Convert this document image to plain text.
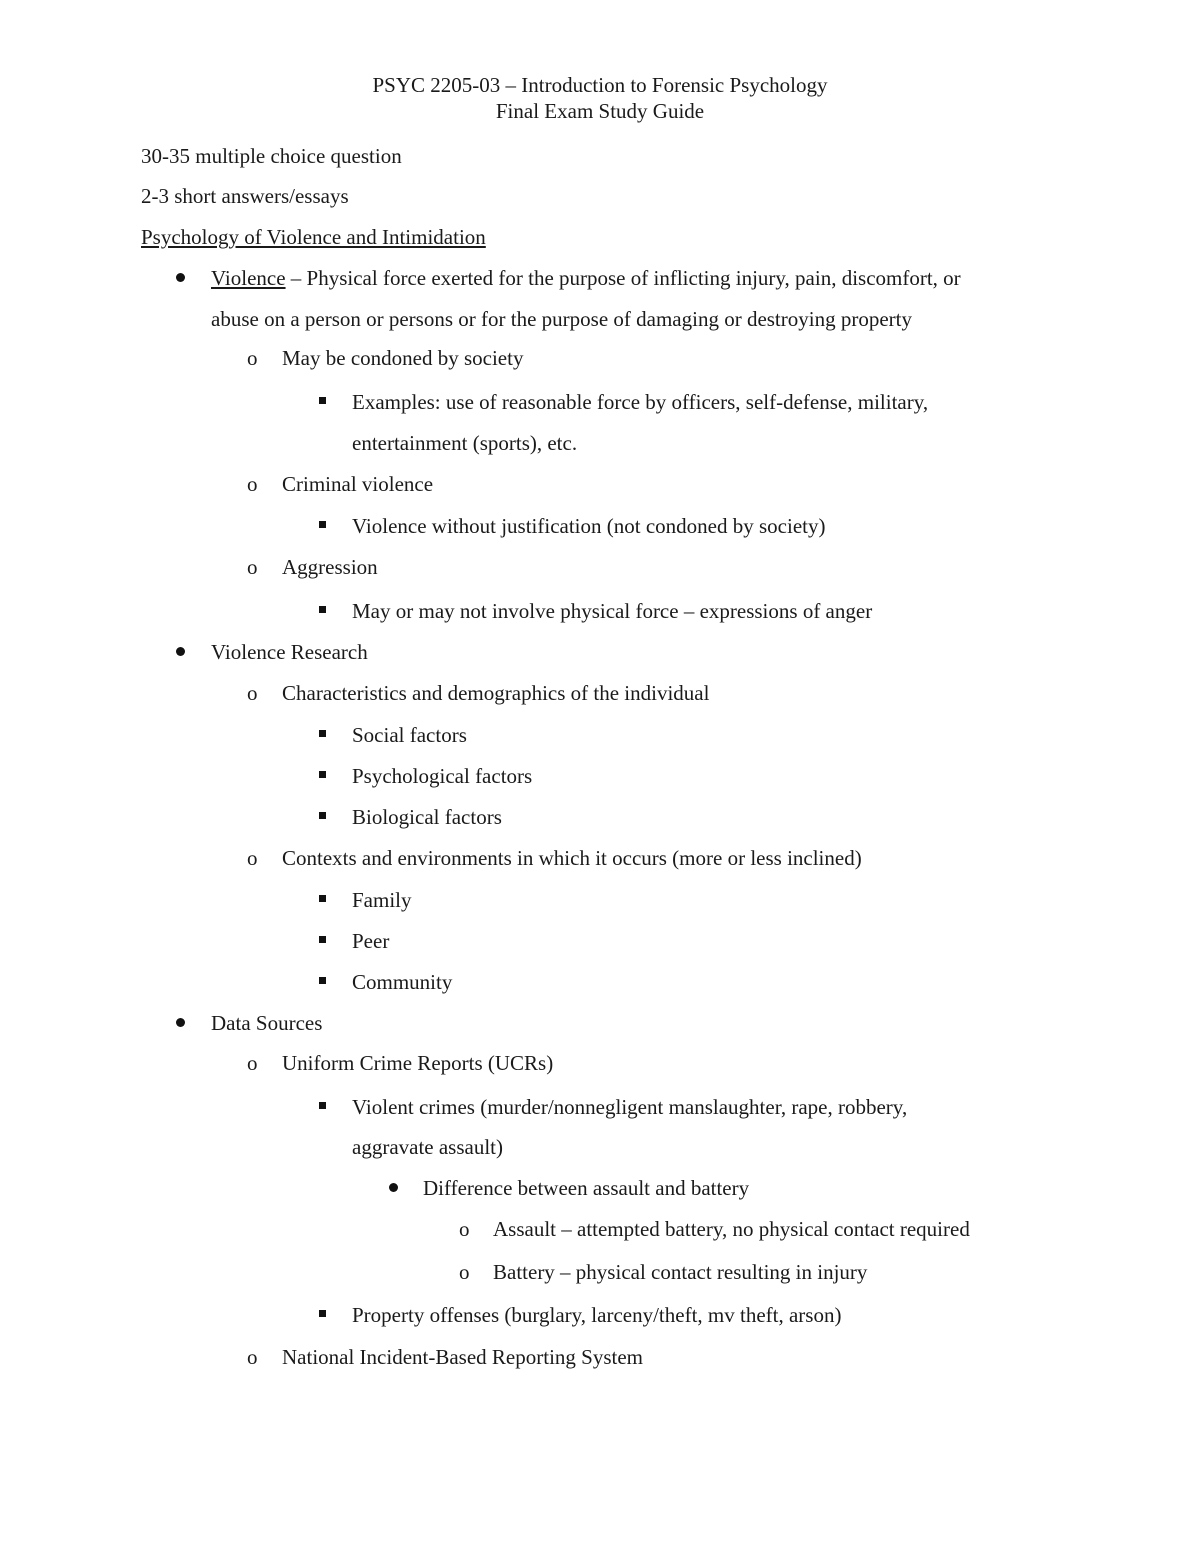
PSYC 2205-03 – Introduction to Forensic Psychology
Final Exam Study Guide
30-35 multiple choice question
2-3 short answers/essays
Psychology of Violence and Intimidation
Violence – Physical force exerted for the purpose of inflicting injury, pain, discomfort, or
abuse on a person or persons or for the purpose of damaging or destroying property
o May be condoned by society
Examples: use of reasonable force by officers, self-defense, military,
entertainment (sports), etc.
o Criminal violence
Violence without justification (not condoned by society)
o Aggression
May or may not involve physical force – expressions of anger
Violence Research
o Characteristics and demographics of the individual
Social factors
Psychological factors
Biological factors
o Contexts and environments in which it occurs (more or less inclined)
Family
Peer
Community
Data Sources
o Uniform Crime Reports (UCRs)
Violent crimes (murder/nonnegligent manslaughter, rape, robbery,
aggravate assault)
Difference between assault and battery
o Assault – attempted battery, no physical contact required
o Battery – physical contact resulting in injury
Property offenses (burglary, larceny/theft, mv theft, arson)
o National Incident-Based Reporting System
